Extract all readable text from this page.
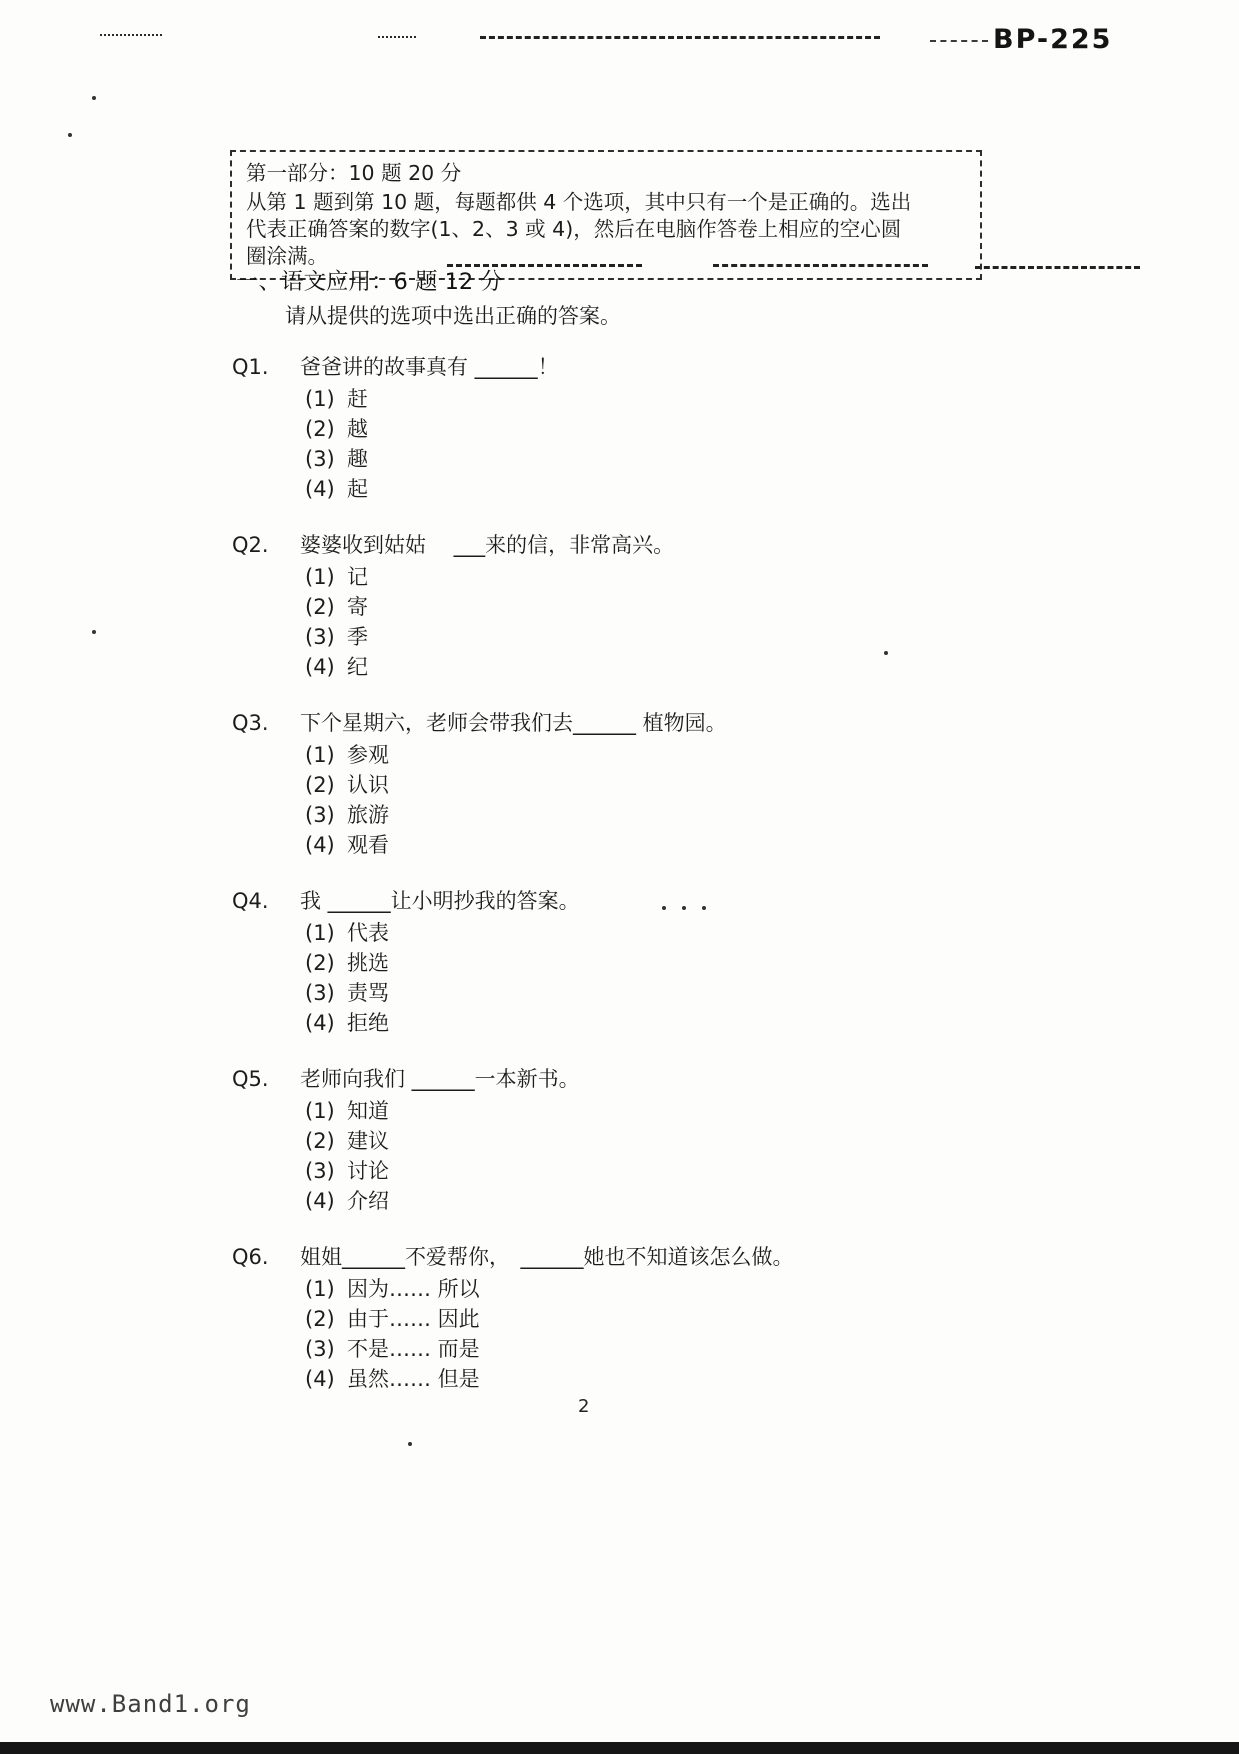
BP-225
第一部分：10 题 20 分
从第 1 题到第 10 题，每题都供 4 个选项，其中只有一个是正确的。选出
代表正确答案的数字(1、2、3 或 4)，然后在电脑作答卷上相应的空心圆
圈涂满。
一、语文应用：6 题 12 分
请从提供的选项中选出正确的答案。
Q1.	爸爸讲的故事真有 ______！
(1) 赶
(2) 越
(3) 趣
(4) 起
Q2.	婆婆收到姑姑　 ___来的信，非常高兴。
(1) 记
(2) 寄
(3) 季
(4) 纪
Q3.	下个星期六，老师会带我们去______ 植物园。
(1) 参观
(2) 认识
(3) 旅游
(4) 观看
Q4.	我 ______让小明抄我的答案。
(1) 代表
(2) 挑选
(3) 责骂
(4) 拒绝
Q5.	老师向我们 ______一本新书。
(1) 知道
(2) 建议
(3) 讨论
(4) 介绍
Q6.	姐姐______不爱帮你，　______她也不知道该怎么做。
(1) 因为…… 所以
(2) 由于…… 因此
(3) 不是…… 而是
(4) 虽然…… 但是
2
www.Band1.org
